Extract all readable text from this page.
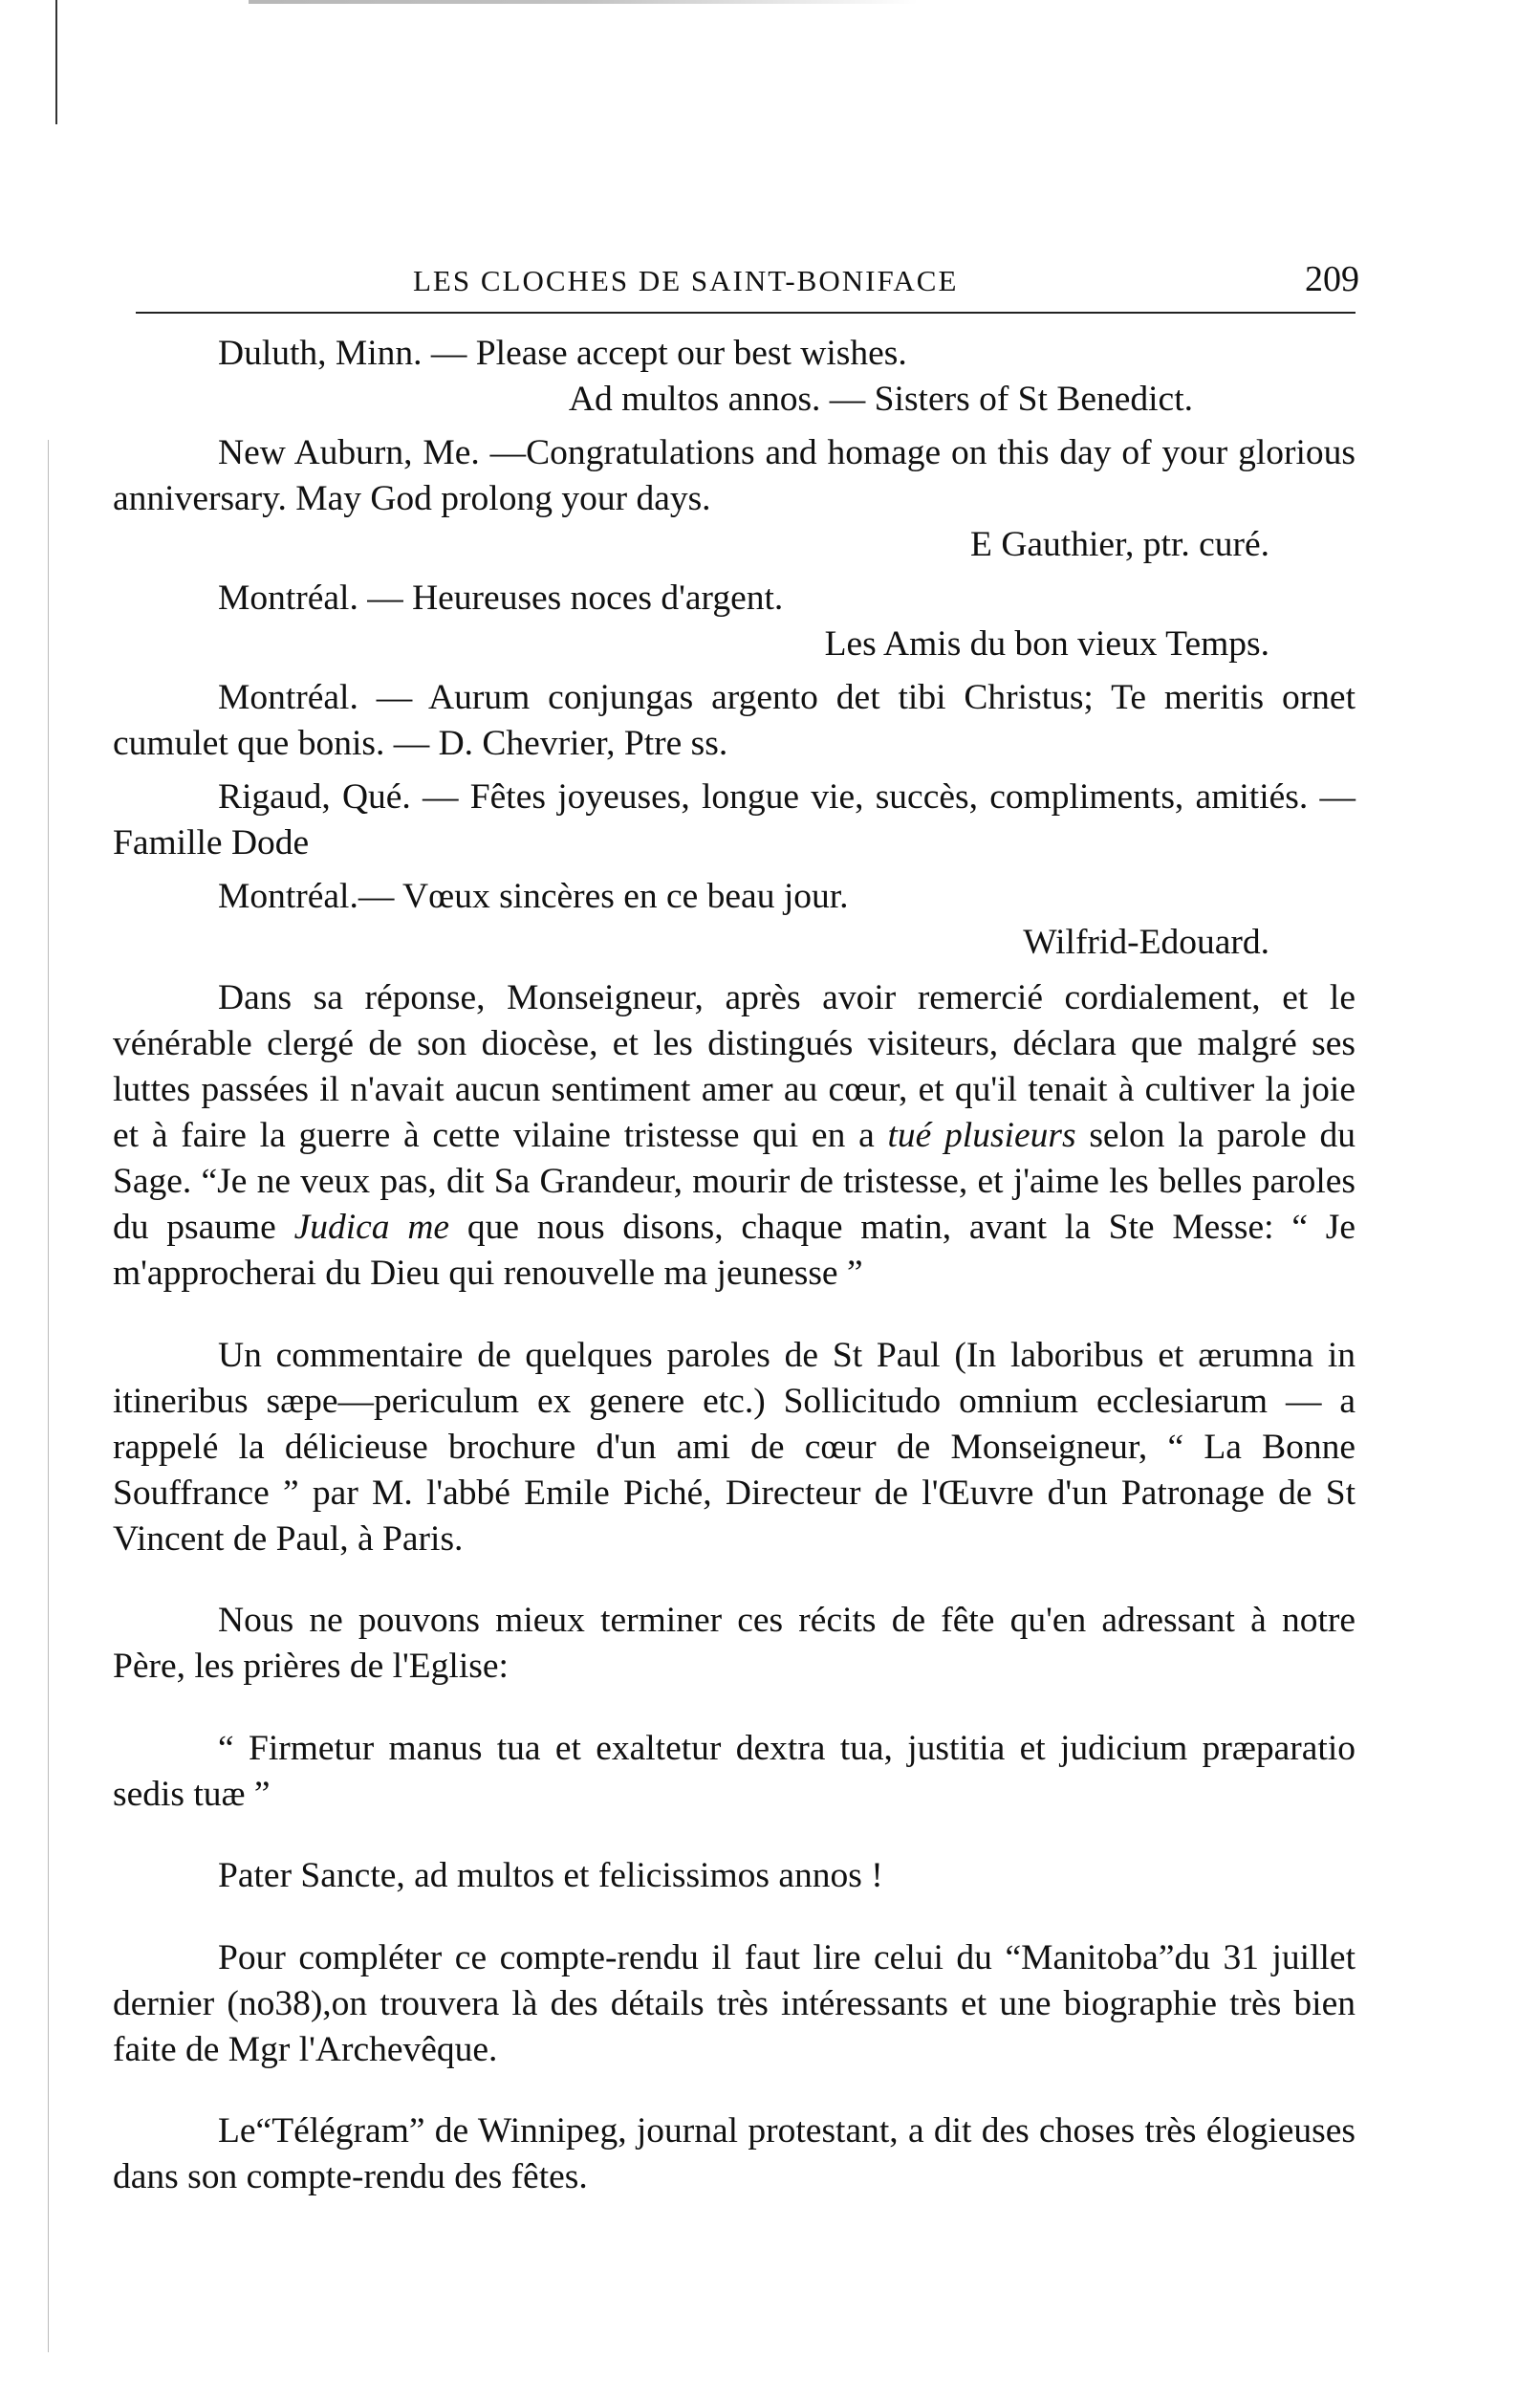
LES CLOCHES DE SAINT-BONIFACE	209
Duluth, Minn. — Please accept our best wishes.
Ad multos annos. — Sisters of St Benedict.
New Auburn, Me. —Congratulations and homage on this day of your glorious anniversary. May God prolong your days.
E Gauthier, ptr. curé.
Montréal. — Heureuses noces d'argent.
Les Amis du bon vieux Temps.
Montréal. — Aurum conjungas argento det tibi Christus; Te meritis ornet cumulet que bonis. — D. Chevrier, Ptre ss.
Rigaud, Qué. — Fêtes joyeuses, longue vie, succès, compliments, amitiés. — Famille Dode
Montréal.— Vœux sincères en ce beau jour.
Wilfrid-Edouard.

Dans sa réponse, Monseigneur, après avoir remercié cordialement, et le vénérable clergé de son diocèse, et les distingués visiteurs, déclara que malgré ses luttes passées il n'avait aucun sentiment amer au cœur, et qu'il tenait à cultiver la joie et à faire la guerre à cette vilaine tristesse qui en a tué plusieurs selon la parole du Sage. “Je ne veux pas, dit Sa Grandeur, mourir de tristesse, et j'aime les belles paroles du psaume Judica me que nous disons, chaque matin, avant la Ste Messe: “ Je m'approcherai du Dieu qui renouvelle ma jeunesse ”

Un commentaire de quelques paroles de St Paul (In laboribus et ærumna in itineribus sæpe—periculum ex genere etc.) Sollicitudo omnium ecclesiarum — a rappelé la délicieuse brochure d'un ami de cœur de Monseigneur, “ La Bonne Souffrance ” par M. l'abbé Emile Piché, Directeur de l'Œuvre d'un Patronage de St Vincent de Paul, à Paris.

Nous ne pouvons mieux terminer ces récits de fête qu'en adressant à notre Père, les prières de l'Eglise:

“ Firmetur manus tua et exaltetur dextra tua, justitia et judicium præparatio sedis tuæ ”

Pater Sancte, ad multos et felicissimos annos !

Pour compléter ce compte-rendu il faut lire celui du “Manitoba”du 31 juillet dernier (no38),on trouvera là des détails très intéressants et une biographie très bien faite de Mgr l'Archevêque.

Le“Télégram” de Winnipeg, journal protestant, a dit des choses très élogieuses dans son compte-rendu des fêtes.
